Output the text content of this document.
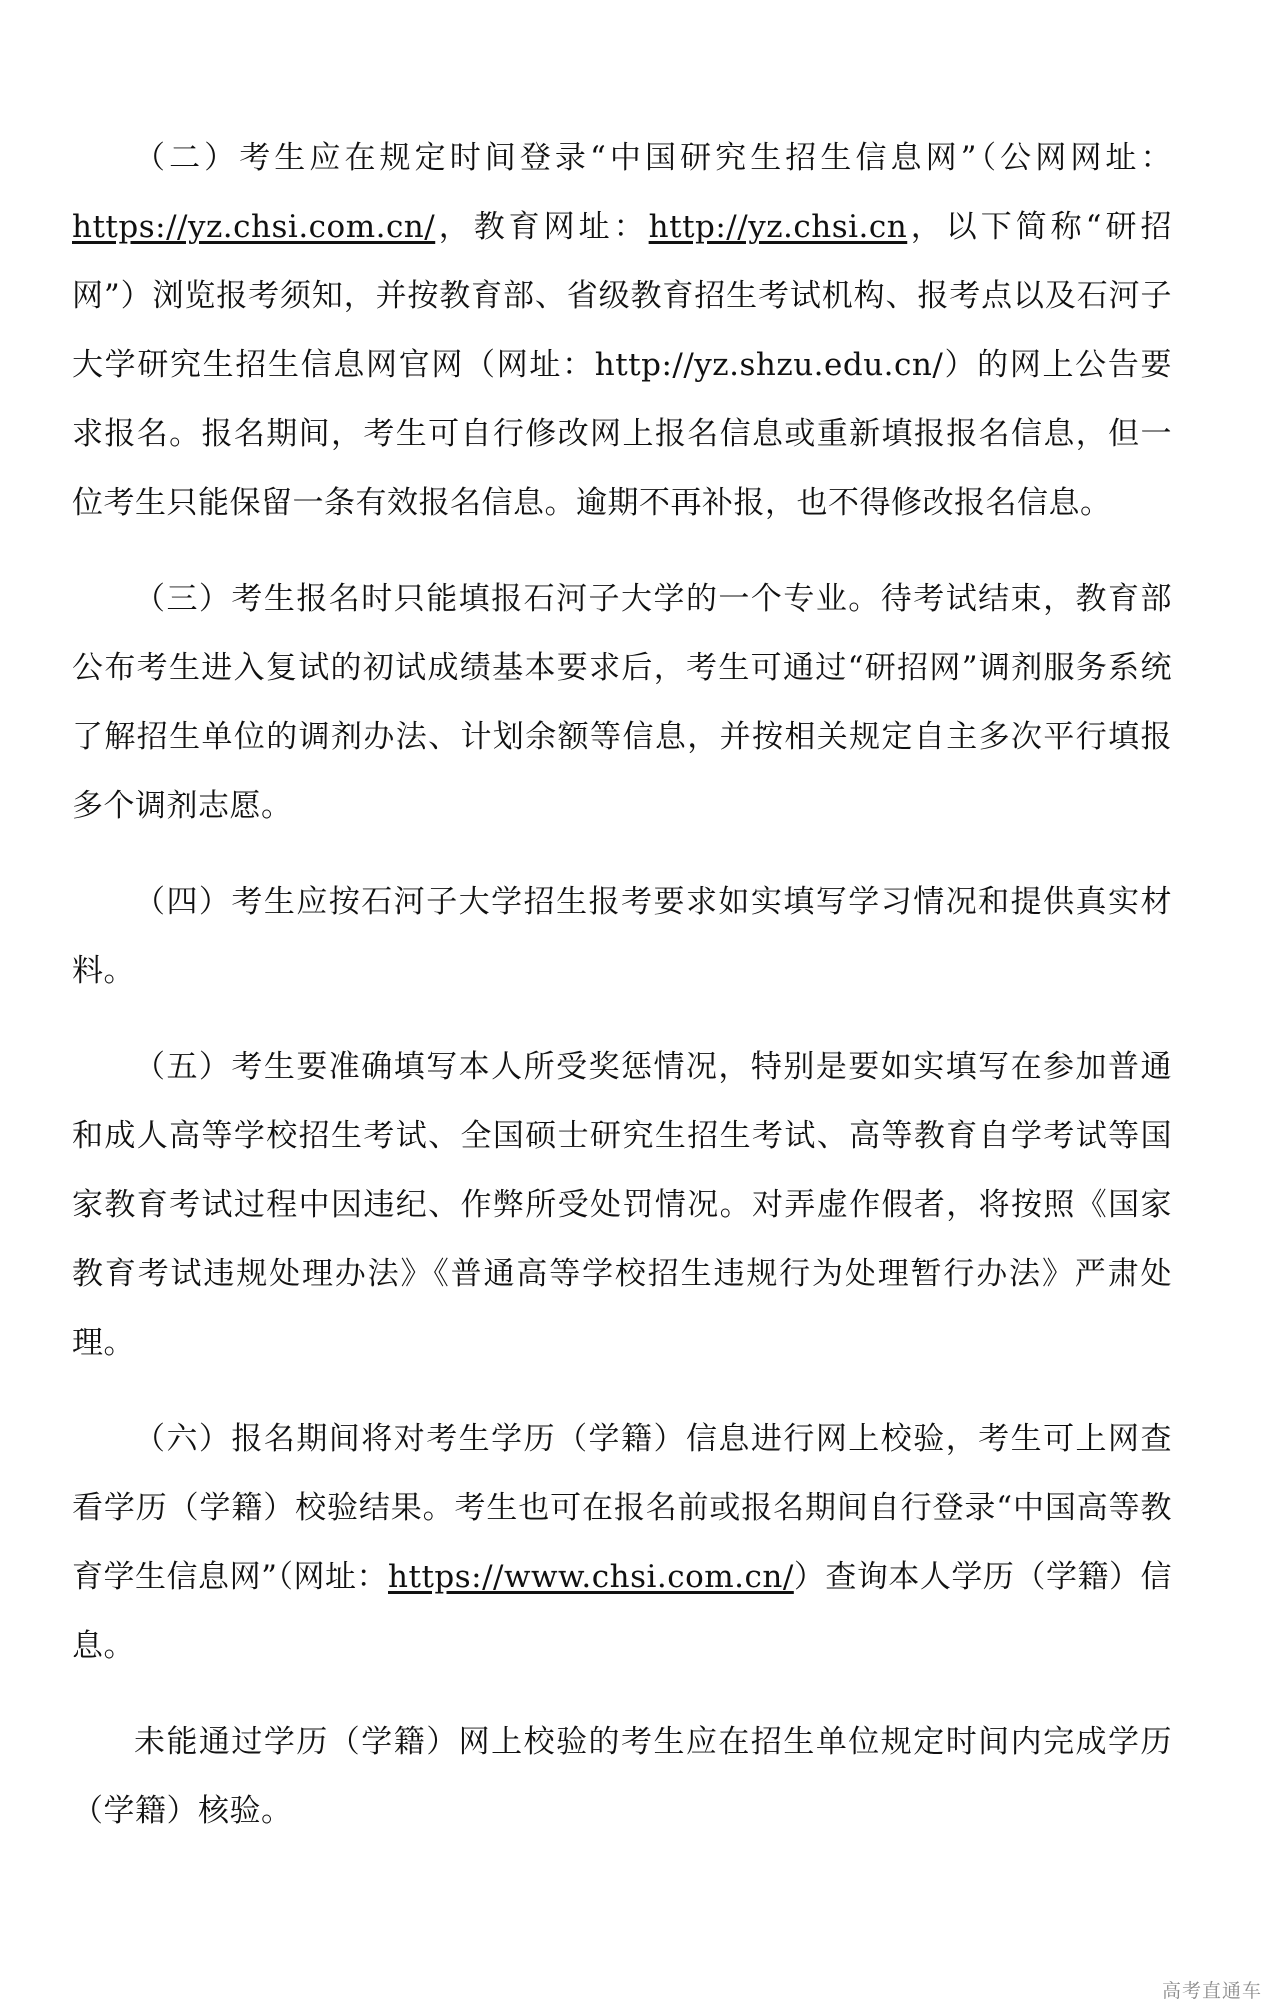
（二）考生应在规定时间登录“中国研究生招生信息网”（公网网址：https://yz.chsi.com.cn/，教育网址：http://yz.chsi.cn，以下简称“研招网”）浏览报考须知，并按教育部、省级教育招生考试机构、报考点以及石河子大学研究生招生信息网官网（网址：http://yz.shzu.edu.cn/）的网上公告要求报名。报名期间，考生可自行修改网上报名信息或重新填报报名信息，但一位考生只能保留一条有效报名信息。逾期不再补报，也不得修改报名信息。

（三）考生报名时只能填报石河子大学的一个专业。待考试结束，教育部公布考生进入复试的初试成绩基本要求后，考生可通过“研招网”调剂服务系统了解招生单位的调剂办法、计划余额等信息，并按相关规定自主多次平行填报多个调剂志愿。

（四）考生应按石河子大学招生报考要求如实填写学习情况和提供真实材料。

（五）考生要准确填写本人所受奖惩情况，特别是要如实填写在参加普通和成人高等学校招生考试、全国硕士研究生招生考试、高等教育自学考试等国家教育考试过程中因违纪、作弊所受处罚情况。对弄虚作假者，将按照《国家教育考试违规处理办法》《普通高等学校招生违规行为处理暂行办法》严肃处理。

（六）报名期间将对考生学历（学籍）信息进行网上校验，考生可上网查看学历（学籍）校验结果。考生也可在报名前或报名期间自行登录“中国高等教育学生信息网”（网址：https://www.chsi.com.cn/）查询本人学历（学籍）信息。

未能通过学历（学籍）网上校验的考生应在招生单位规定时间内完成学历（学籍）核验。

高考直通车
